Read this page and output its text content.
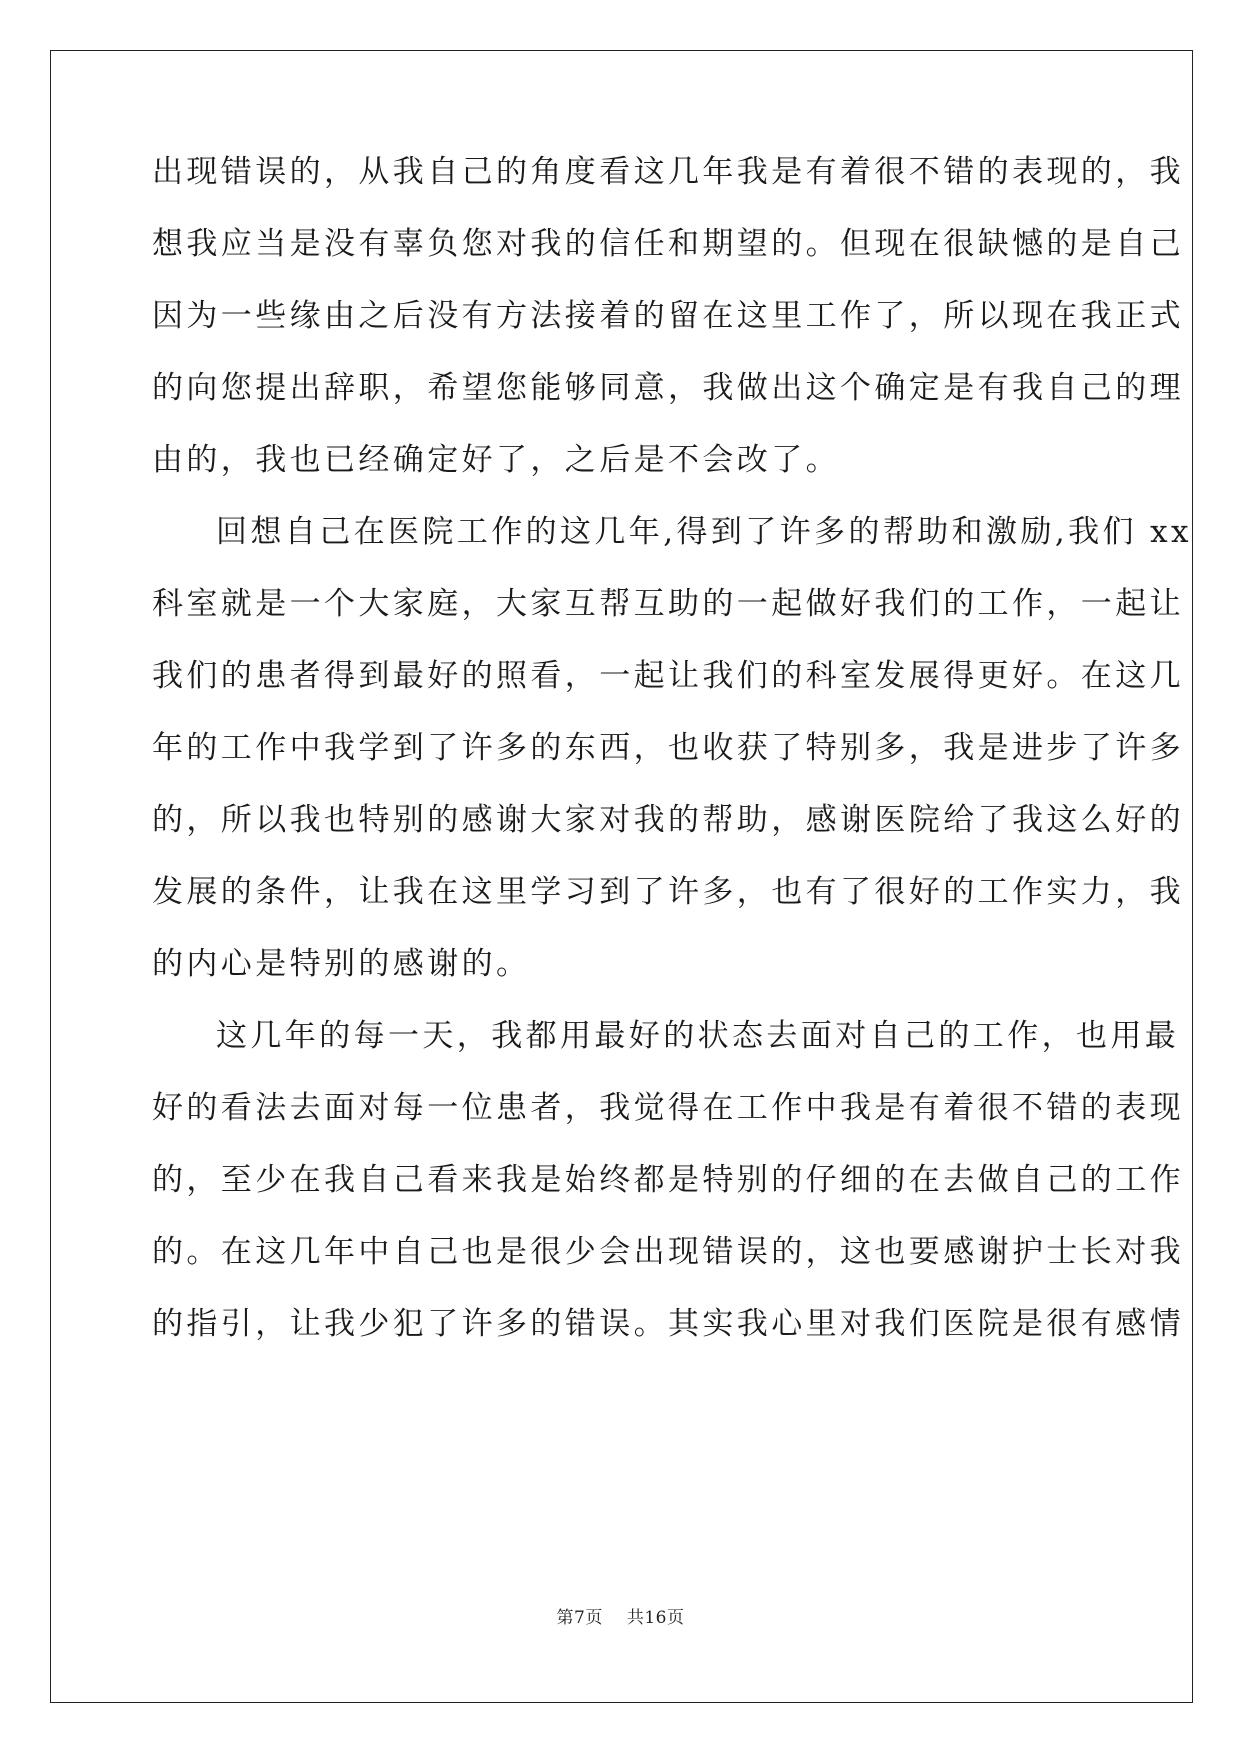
出现错误的，从我自己的角度看这几年我是有着很不错的表现的，我
想我应当是没有辜负您对我的信任和期望的。但现在很缺憾的是自己
因为一些缘由之后没有方法接着的留在这里工作了，所以现在我正式
的向您提出辞职，希望您能够同意，我做出这个确定是有我自己的理
由的，我也已经确定好了，之后是不会改了。
回想自己在医院工作的这几年,得到了许多的帮助和激励,我们 xx
科室就是一个大家庭，大家互帮互助的一起做好我们的工作，一起让
我们的患者得到最好的照看，一起让我们的科室发展得更好。在这几
年的工作中我学到了许多的东西，也收获了特别多，我是进步了许多
的，所以我也特别的感谢大家对我的帮助，感谢医院给了我这么好的
发展的条件，让我在这里学习到了许多，也有了很好的工作实力，我
的内心是特别的感谢的。
这几年的每一天，我都用最好的状态去面对自己的工作，也用最
好的看法去面对每一位患者，我觉得在工作中我是有着很不错的表现
的，至少在我自己看来我是始终都是特别的仔细的在去做自己的工作
的。在这几年中自己也是很少会出现错误的，这也要感谢护士长对我
的指引，让我少犯了许多的错误。其实我心里对我们医院是很有感情
第7页 共16页
